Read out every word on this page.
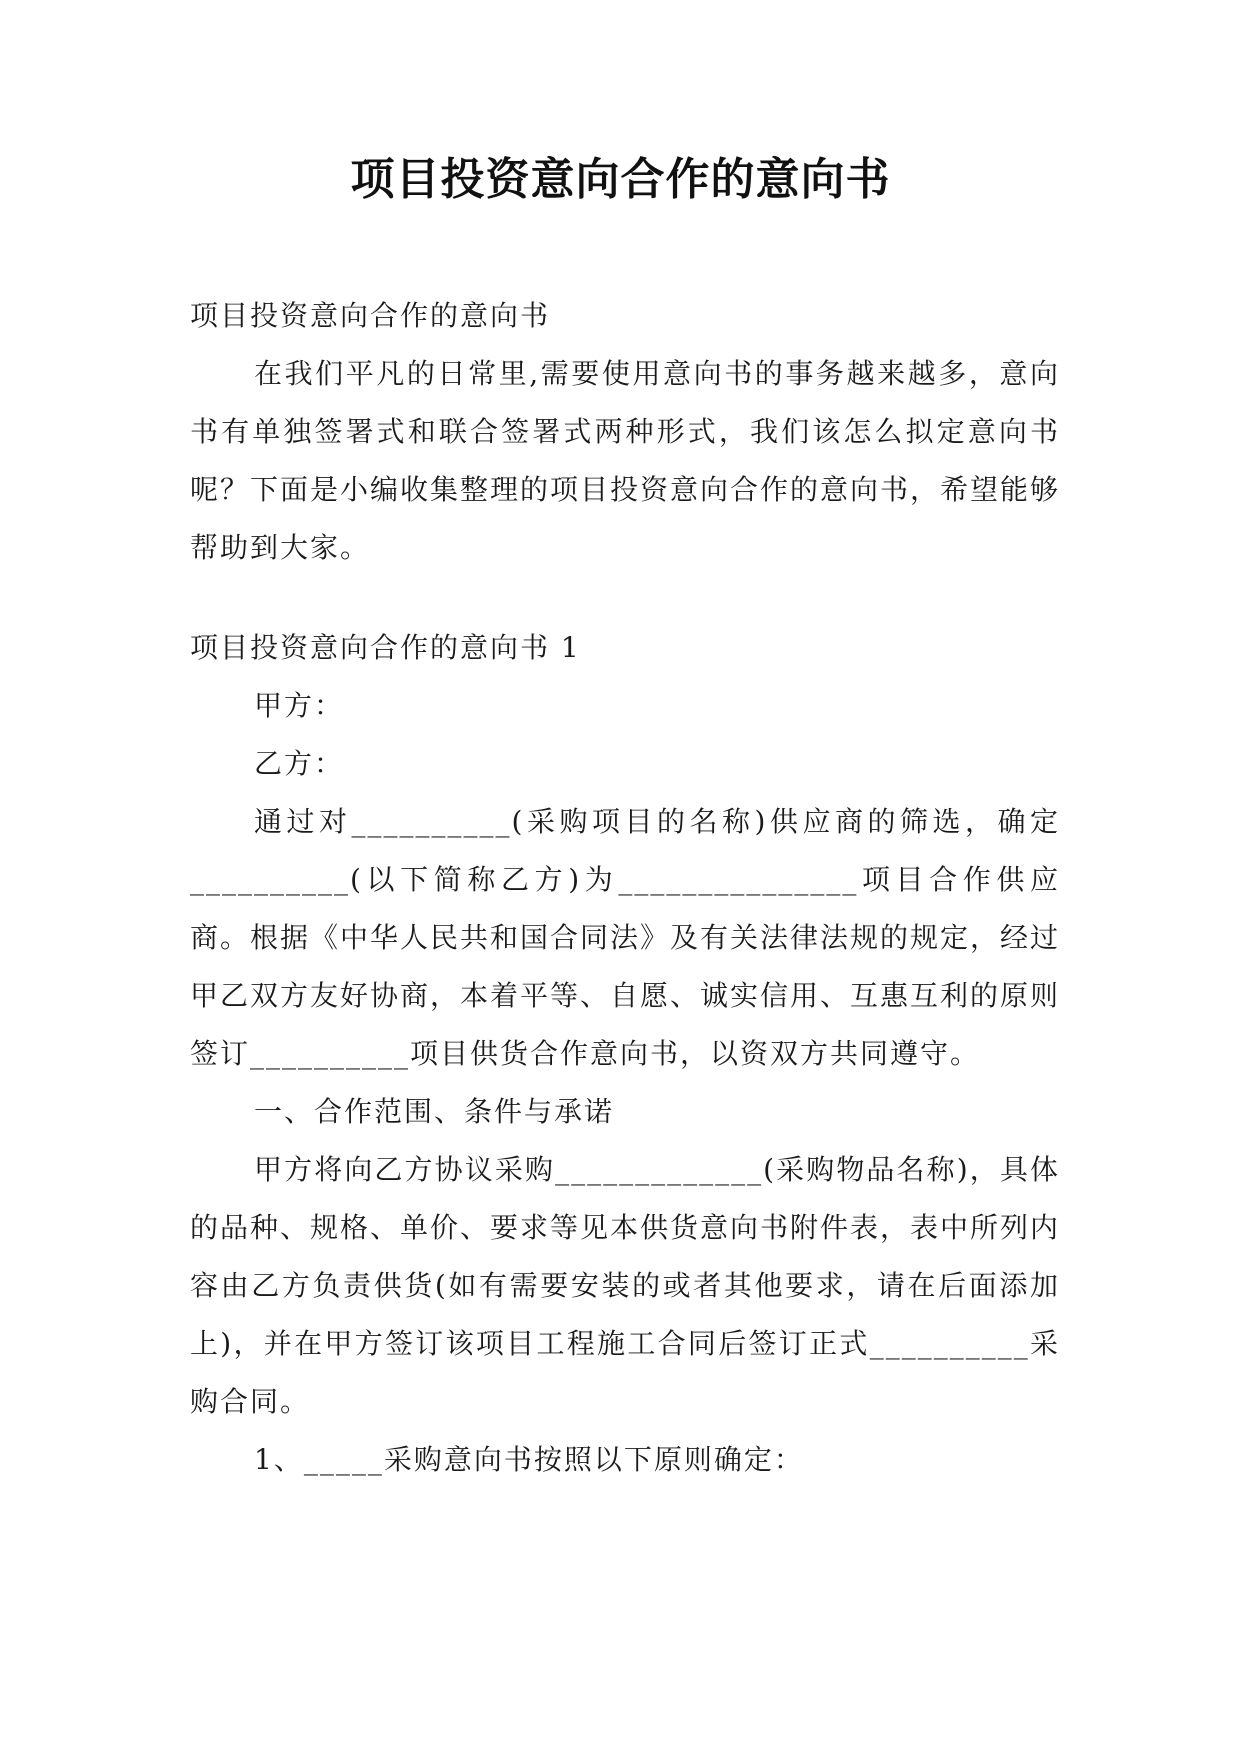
项目投资意向合作的意向书

项目投资意向合作的意向书

在我们平凡的日常里,需要使用意向书的事务越来越多，意向书有单独签署式和联合签署式两种形式，我们该怎么拟定意向书呢？下面是小编收集整理的项目投资意向合作的意向书，希望能够帮助到大家。

项目投资意向合作的意向书 1

甲方：

乙方：

通过对__________(采购项目的名称)供应商的筛选，确定__________(以下简称乙方)为_______________项目合作供应商。根据《中华人民共和国合同法》及有关法律法规的规定，经过甲乙双方友好协商，本着平等、自愿、诚实信用、互惠互利的原则签订__________项目供货合作意向书，以资双方共同遵守。

一、合作范围、条件与承诺

甲方将向乙方协议采购_____________(采购物品名称)，具体的品种、规格、单价、要求等见本供货意向书附件表，表中所列内容由乙方负责供货(如有需要安装的或者其他要求，请在后面添加上)，并在甲方签订该项目工程施工合同后签订正式__________采购合同。

1、_____采购意向书按照以下原则确定：
